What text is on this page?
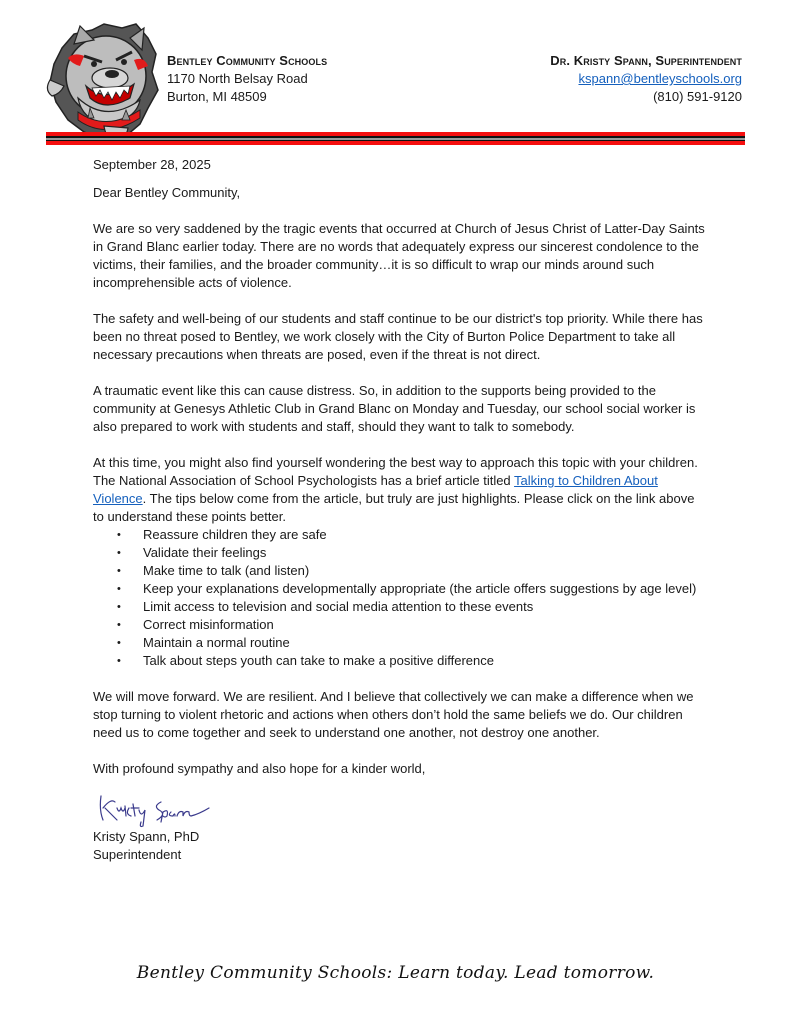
Bentley Community Schools
1170 North Belsay Road
Burton, MI 48509
Dr. Kristy Spann, Superintendent
kspann@bentleyschools.org
(810) 591-9120

September 28, 2025

Dear Bentley Community,

We are so very saddened by the tragic events that occurred at Church of Jesus Christ of Latter-Day Saints in Grand Blanc earlier today. There are no words that adequately express our sincerest condolence to the victims, their families, and the broader community…it is so difficult to wrap our minds around such incomprehensible acts of violence.

The safety and well-being of our students and staff continue to be our district's top priority. While there has been no threat posed to Bentley, we work closely with the City of Burton Police Department to take all necessary precautions when threats are posed, even if the threat is not direct.

A traumatic event like this can cause distress. So, in addition to the supports being provided to the community at Genesys Athletic Club in Grand Blanc on Monday and Tuesday, our school social worker is also prepared to work with students and staff, should they want to talk to somebody.

At this time, you might also find yourself wondering the best way to approach this topic with your children. The National Association of School Psychologists has a brief article titled Talking to Children About Violence. The tips below come from the article, but truly are just highlights. Please click on the link above to understand these points better.

• Reassure children they are safe
• Validate their feelings
• Make time to talk (and listen)
• Keep your explanations developmentally appropriate (the article offers suggestions by age level)
• Limit access to television and social media attention to these events
• Correct misinformation
• Maintain a normal routine
• Talk about steps youth can take to make a positive difference

We will move forward. We are resilient. And I believe that collectively we can make a difference when we stop turning to violent rhetoric and actions when others don’t hold the same beliefs we do. Our children need us to come together and seek to understand one another, not destroy one another.

With profound sympathy and also hope for a kinder world,

Kristy Spann, PhD
Superintendent
Bentley Community Schools: Learn today. Lead tomorrow.
